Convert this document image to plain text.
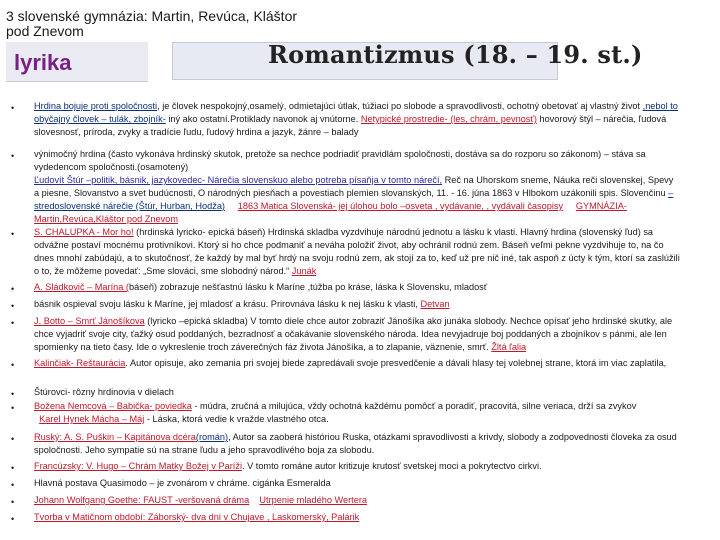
3 slovenské gymnázia: Martin, Revúca, Kláštor pod Znevom
lyrika	Romantizmus (18. – 19. st.)
• Hrdina bojuje proti spoločnosti, je človek nespokojný,osamelý, odmietajúci útlak, túžiaci po slobode a spravodlivosti, ochotný obetovať aj vlastný život ,nebol to obyčajný človek – tulák, zbojník- iný ako ostatní.Protiklady navonok aj vnútorne. Netypické prostredie- (les, chrám, pevnosť) hovorový štýl – nárečia, ľudová slovesnosť, príroda, zvyky a tradície ľudu, ľudový hrdina a jazyk, žánre – balady
• výnimočný hrdina (často vykonáva hrdinský skutok, pretože sa nechce podriadiť pravidlám spoločnosti, dostáva sa do rozporu so zákonom) – stáva sa vydedencom spoločnosti.(osamotený)
Ľudovít Štúr –politik, básnik, jazykovedec- Nárečia slovenskuo alebo potreba písaňja v tomto nárečí, Reč na Uhorskom sneme, Náuka reči slovenskej, Spevy a piesne, Slovanstvo a svet budúcnosti, O národných piesňach a povestiach plemien slovanských, 11. - 16. júna 1863 v Hlbokom uzákonili spis. Slovenčinu –stredoslovenské nárečie (Štúr, Hurban, Hodža) 1863 Matica Slovenská- jej úlohou bolo –osveta , vydávanie, , vydávali časopisy GYMNÁZIA- Martin,Revúca,Kláštor pod Znevom
• S. CHALUPKA - Mor ho! (hrdinská lyricko- epická báseň) Hrdinská skladba vyzdvihuje národnú jednotu a lásku k vlasti. Hlavný hrdina (slovenský ľud) sa odvážne postaví mocnému protivníkovi. Ktorý si ho chce podmaniť a neváha položiť život, aby ochránil rodnú zem. Báseň veľmi pekne vyzdvihuje to, na čo dnes mnohí zabúdajú, a to skutočnosť, že každý by mal byť hrdý na svoju rodnú zem, ak stojí za to, keď už pre nič iné, tak aspoň z úcty k tým, ktorí sa zaslúžili o to, že môžeme povedať: „Sme slováci, sme slobodný národ.“ Junák
• A. Sládkovič – Marína (báseň) zobrazuje nešťastnú lásku k Maríne ,túžba po kráse, láska k Slovensku, mladosť
• básnik ospieval svoju lásku k Maríne, jej mladosť a krásu. Prirovnáva lásku k nej lásku k vlasti, Detvan
• J. Botto – Smrť Jánošíkova (lyricko –epická skladba) V tomto diele chce autor zobraziť Jánošíka ako junáka slobody. Nechce opísať jeho hrdinské skutky, ale chce vyjadriť svoje city, ťažký osud poddaných, bezradnosť a očakávanie slovenského národa. Idea nevyjadruje boj poddaných a zbojníkov s pánmi, ale len spomienky na tieto časy. Ide o vykreslenie troch záverečných fáz života Jánošíka, a to zlapanie, väznenie, smrť. Žltá ľalia
• Kalinčiak- Reštaurácia. Autor opisuje, ako zemania pri svojej biede zapredávali svoje presvedčenie a dávali hlasy tej volebnej strane, ktorá im viac zaplatila,
• Štúrovci- rôzny hrdinovia v dielach
• Božena Nemcová – Babička- poviedka - múdra, zručná a milujúca, vždy ochotná každému pomôcť a poradiť, pracovitá, silne veriaca, drží sa zvykov
Karel Hynek Mácha – Máj - Láska, ktorá vedie k vražde vlastného otca.
• Ruský: A. S. Puškin – Kapitánova dcéra(román), Autor sa zaoberá históriou Ruska, otázkami spravodlivosti a krivdy, slobody a zodpovednosti človeka za osud spoločnosti. Jeho sympatie sú na strane ľudu a jeho spravodlivého boja za slobodu.
• Francúzsky: V. Hugo – Chrám Matky Božej v Paríži. V tomto románe autor kritizuje krutosť svetskej moci a pokrytectvo cirkvi.
• Hlavná postava Quasimodo – je zvonárom v chráme. cigánka Esmeralda
• Johann Wolfgang Goethe: FAUST -veršovaná dráma Utrpenie mladého Wertera
• Tvorba v Matičnom období: Záborský- dva dni v Chujave , Laskomerský, Palárik
